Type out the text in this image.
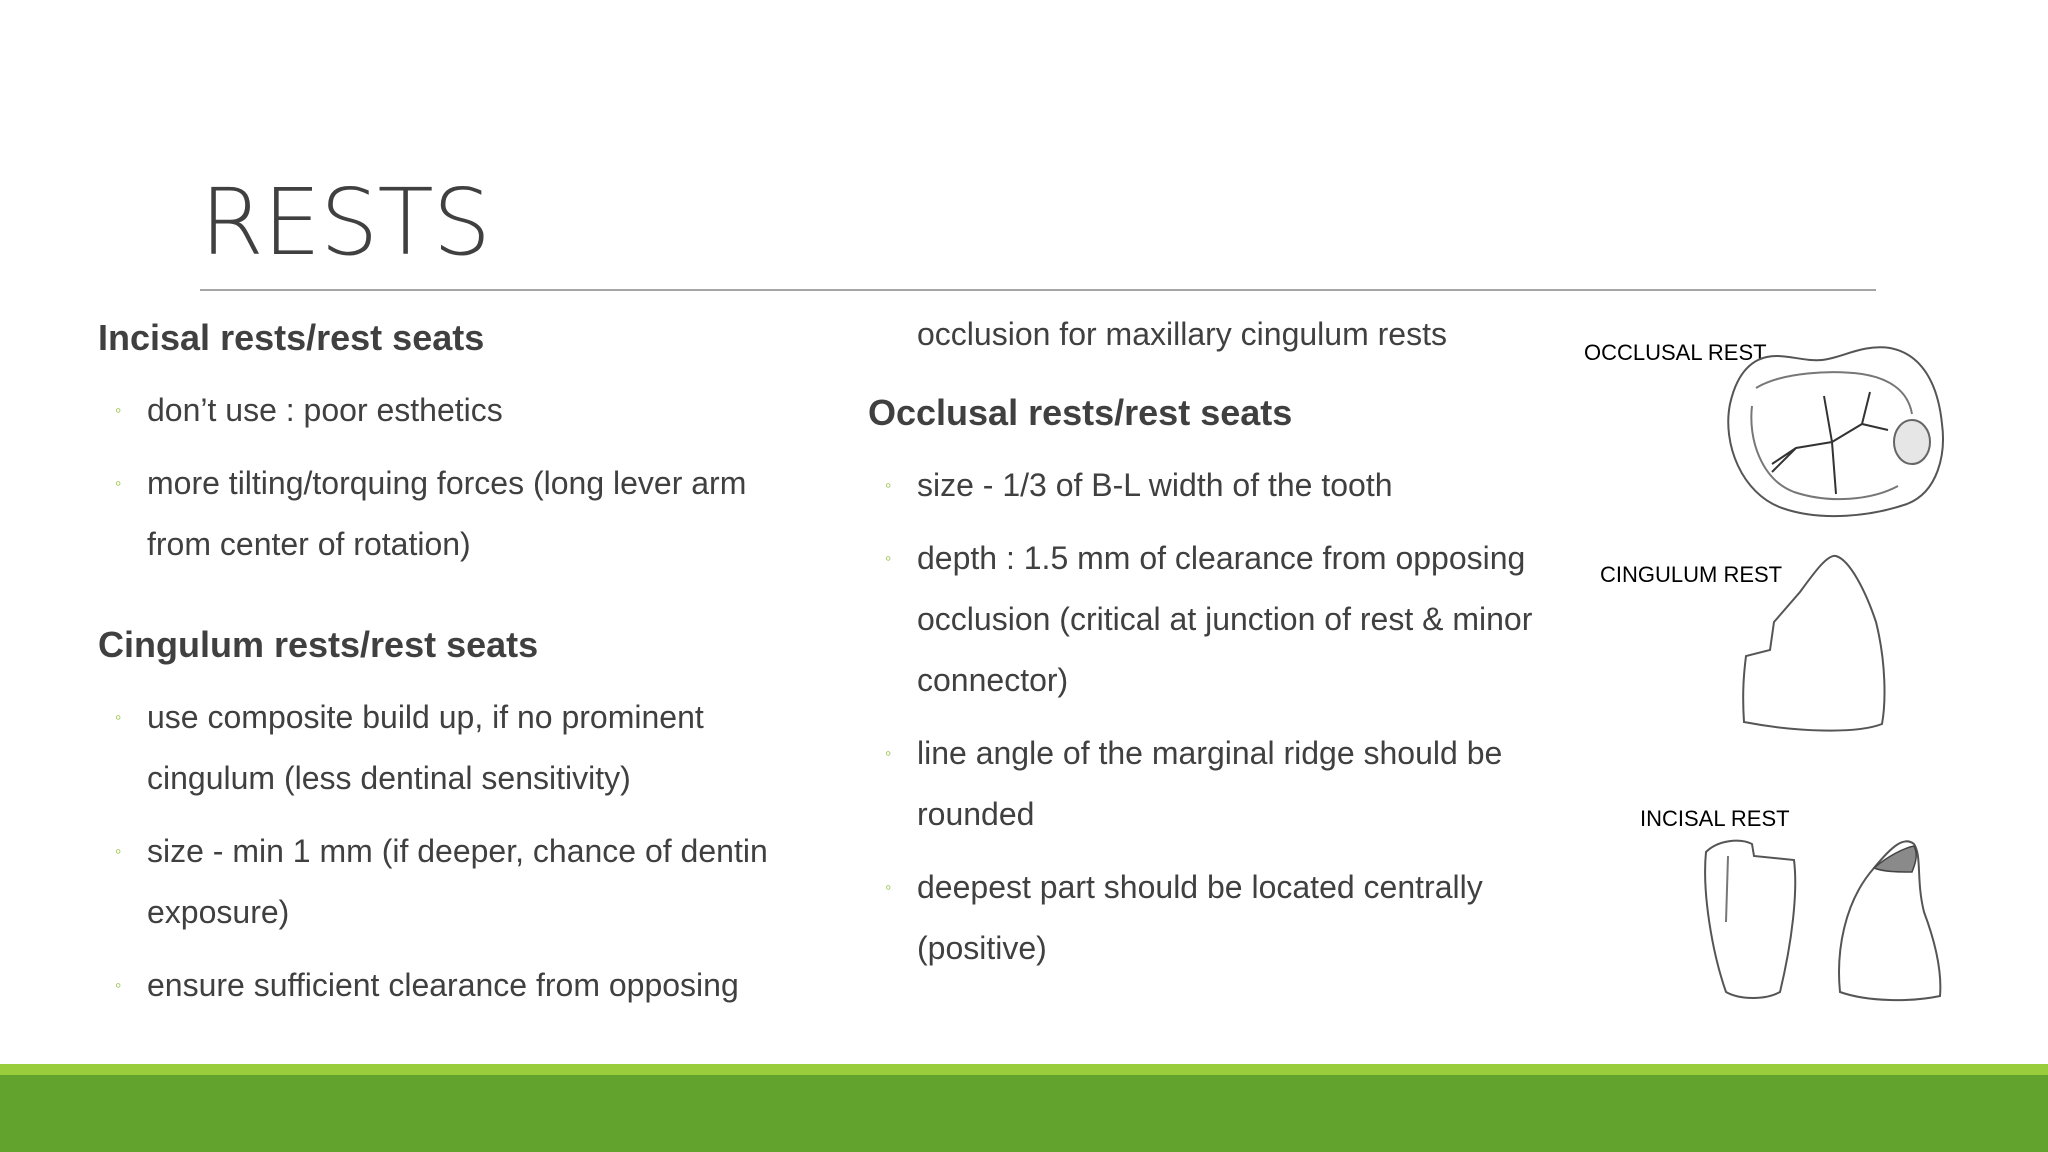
RESTS

Incisal rests/rest seats

◦ don’t use : poor esthetics
◦ more tilting/torquing forces (long lever arm from center of rotation)

Cingulum rests/rest seats

◦ use composite build up, if no prominent cingulum (less dentinal sensitivity)
◦ size - min 1 mm (if deeper, chance of dentin exposure)
◦ ensure sufficient clearance from opposing

occlusion for maxillary cingulum rests

Occlusal rests/rest seats

◦ size - 1/3 of B-L width of the tooth
◦ depth : 1.5 mm of clearance from opposing occlusion (critical at junction of rest & minor connector)
◦ line angle of the marginal ridge should be rounded
◦ deepest part should be located centrally (positive)
OCCLUSAL REST
CINGULUM REST
INCISAL REST
